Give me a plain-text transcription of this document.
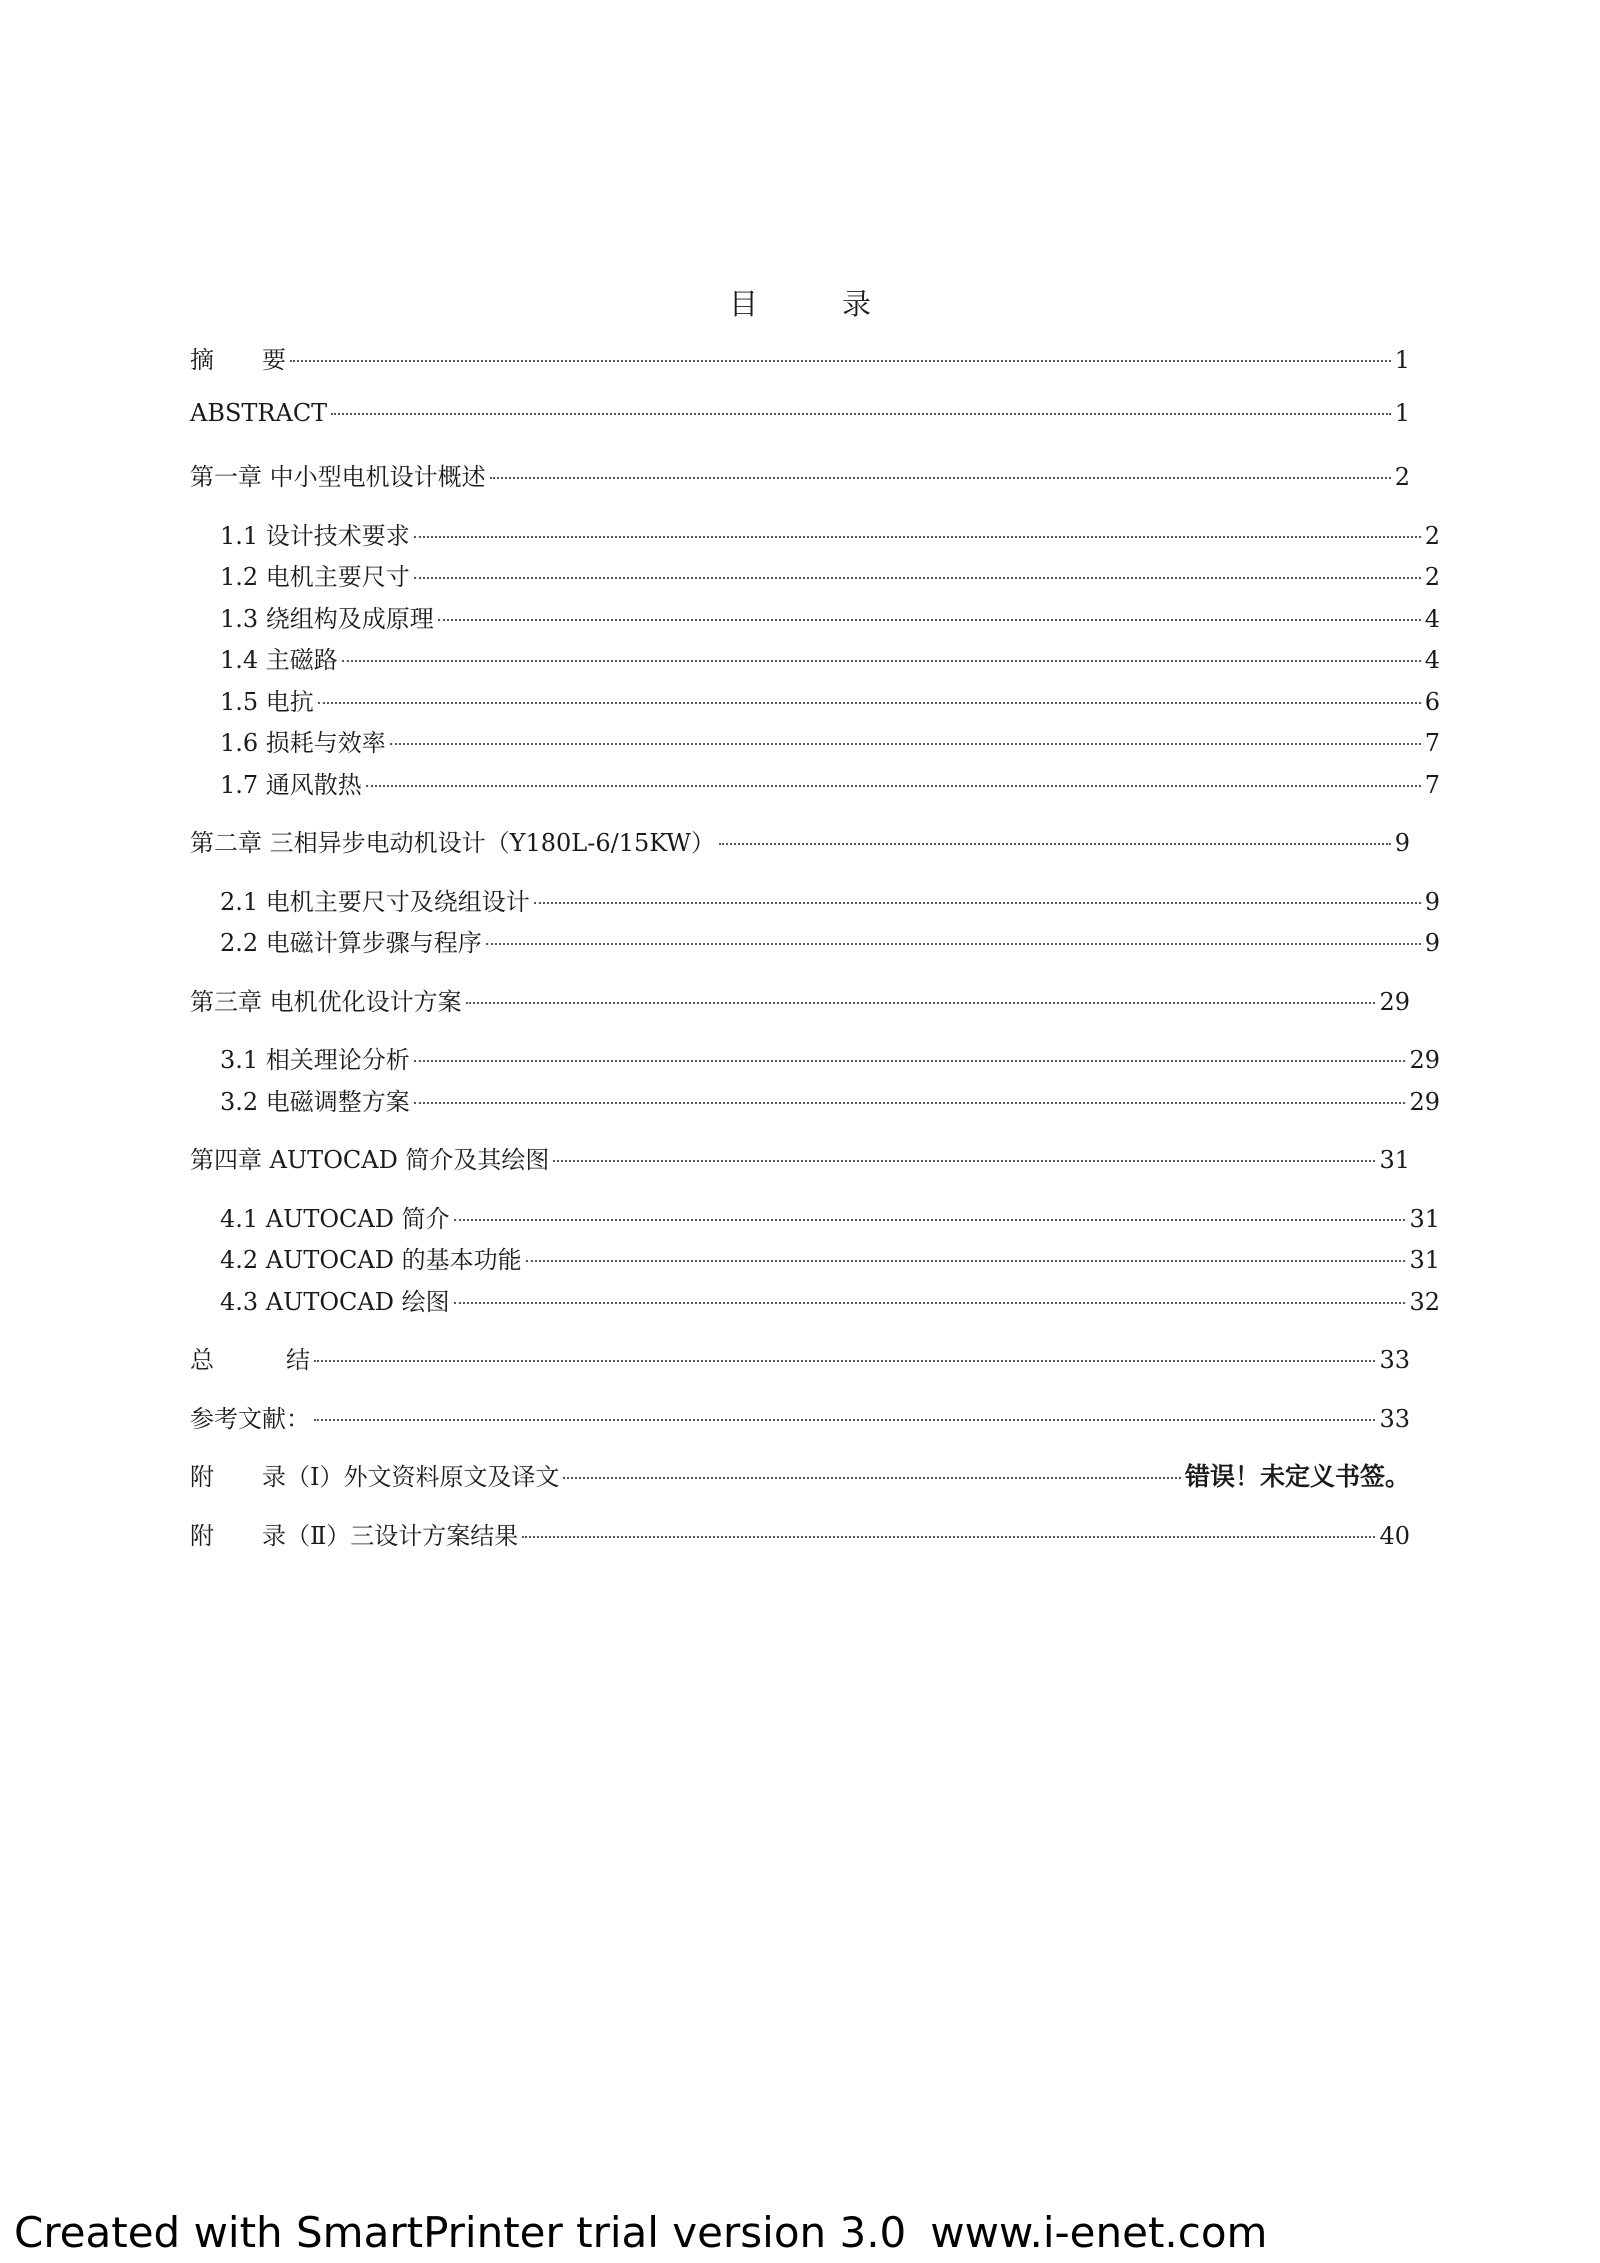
目	录
摘　　要	1
ABSTRACT	1
第一章 中小型电机设计概述	2
1.1 设计技术要求	2
1.2 电机主要尺寸	2
1.3 绕组构及成原理	4
1.4 主磁路	4
1.5 电抗	6
1.6 损耗与效率	7
1.7 通风散热	7
第二章 三相异步电动机设计（Y180L-6/15KW）	9
2.1 电机主要尺寸及绕组设计	9
2.2 电磁计算步骤与程序	9
第三章 电机优化设计方案	29
3.1 相关理论分析	29
3.2 电磁调整方案	29
第四章 AUTOCAD 简介及其绘图	31
4.1 AUTOCAD 简介	31
4.2 AUTOCAD 的基本功能	31
4.3 AUTOCAD 绘图	32
总　　　结	33
参考文献：	33
附　　录（Ⅰ）外文资料原文及译文	错误！未定义书签。
附　　录（Ⅱ）三设计方案结果	40
Created with SmartPrinter trial version 3.0 www.i-enet.com
